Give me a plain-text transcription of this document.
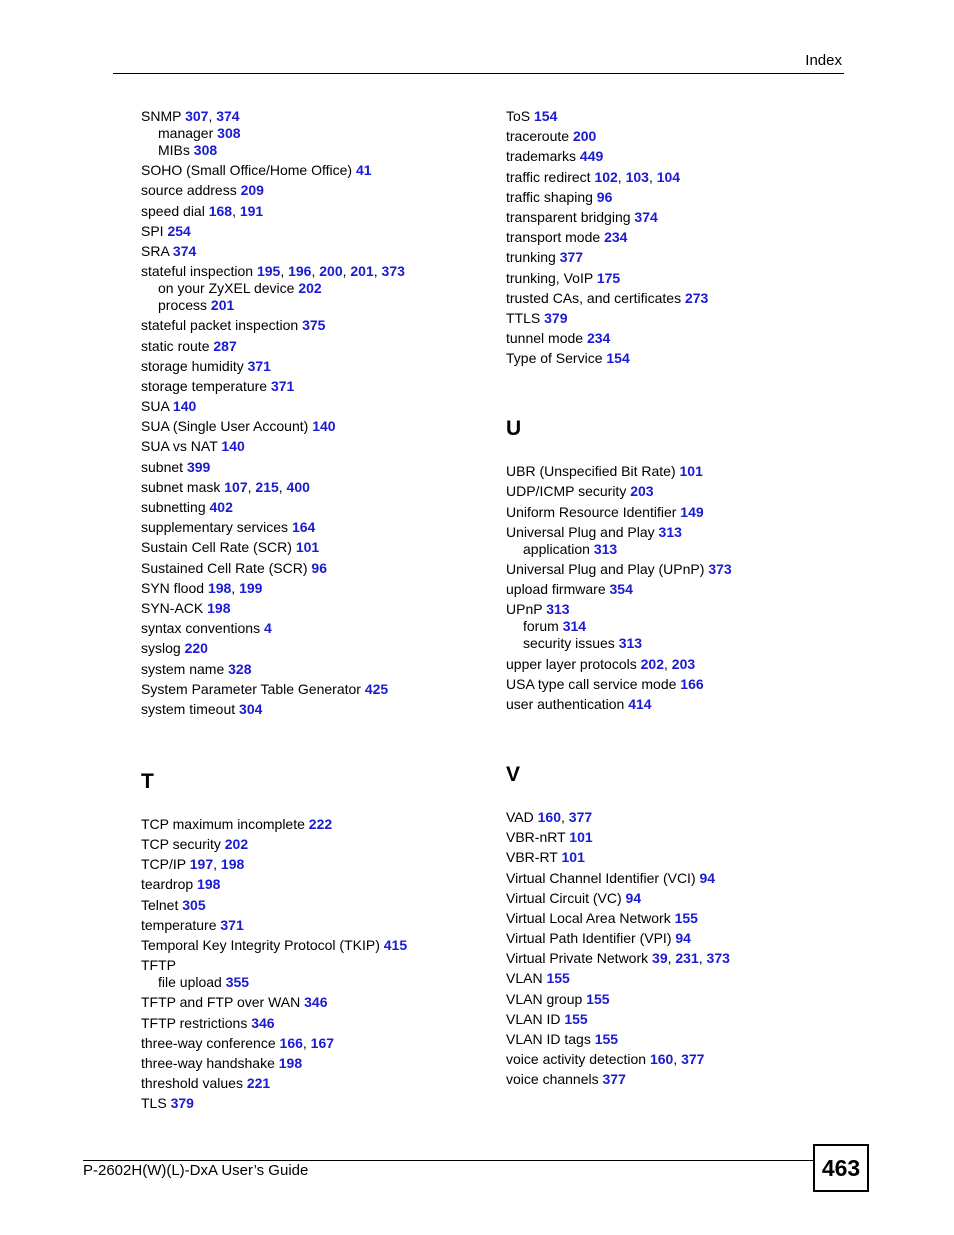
Index
SNMP 307, 374
manager 308
MIBs 308
SOHO (Small Office/Home Office) 41
source address 209
speed dial 168, 191
SPI 254
SRA 374
stateful inspection 195, 196, 200, 201, 373
on your ZyXEL device 202
process 201
stateful packet inspection 375
static route 287
storage humidity 371
storage temperature 371
SUA 140
SUA (Single User Account) 140
SUA vs NAT 140
subnet 399
subnet mask 107, 215, 400
subnetting 402
supplementary services 164
Sustain Cell Rate (SCR) 101
Sustained Cell Rate (SCR) 96
SYN flood 198, 199
SYN-ACK 198
syntax conventions 4
syslog 220
system name 328
System Parameter Table Generator 425
system timeout 304
T
TCP maximum incomplete 222
TCP security 202
TCP/IP 197, 198
teardrop 198
Telnet 305
temperature 371
Temporal Key Integrity Protocol (TKIP) 415
TFTP
file upload 355
TFTP and FTP over WAN 346
TFTP restrictions 346
three-way conference 166, 167
three-way handshake 198
threshold values 221
TLS 379
ToS 154
traceroute 200
trademarks 449
traffic redirect 102, 103, 104
traffic shaping 96
transparent bridging 374
transport mode 234
trunking 377
trunking, VoIP 175
trusted CAs, and certificates 273
TTLS 379
tunnel mode 234
Type of Service 154
U
UBR (Unspecified Bit Rate) 101
UDP/ICMP security 203
Uniform Resource Identifier 149
Universal Plug and Play 313
application 313
Universal Plug and Play (UPnP) 373
upload firmware 354
UPnP 313
forum 314
security issues 313
upper layer protocols 202, 203
USA type call service mode 166
user authentication 414
V
VAD 160, 377
VBR-nRT 101
VBR-RT 101
Virtual Channel Identifier (VCI) 94
Virtual Circuit (VC) 94
Virtual Local Area Network 155
Virtual Path Identifier (VPI) 94
Virtual Private Network 39, 231, 373
VLAN 155
VLAN group 155
VLAN ID 155
VLAN ID tags 155
voice activity detection 160, 377
voice channels 377
P-2602H(W)(L)-DxA User’s Guide	463
